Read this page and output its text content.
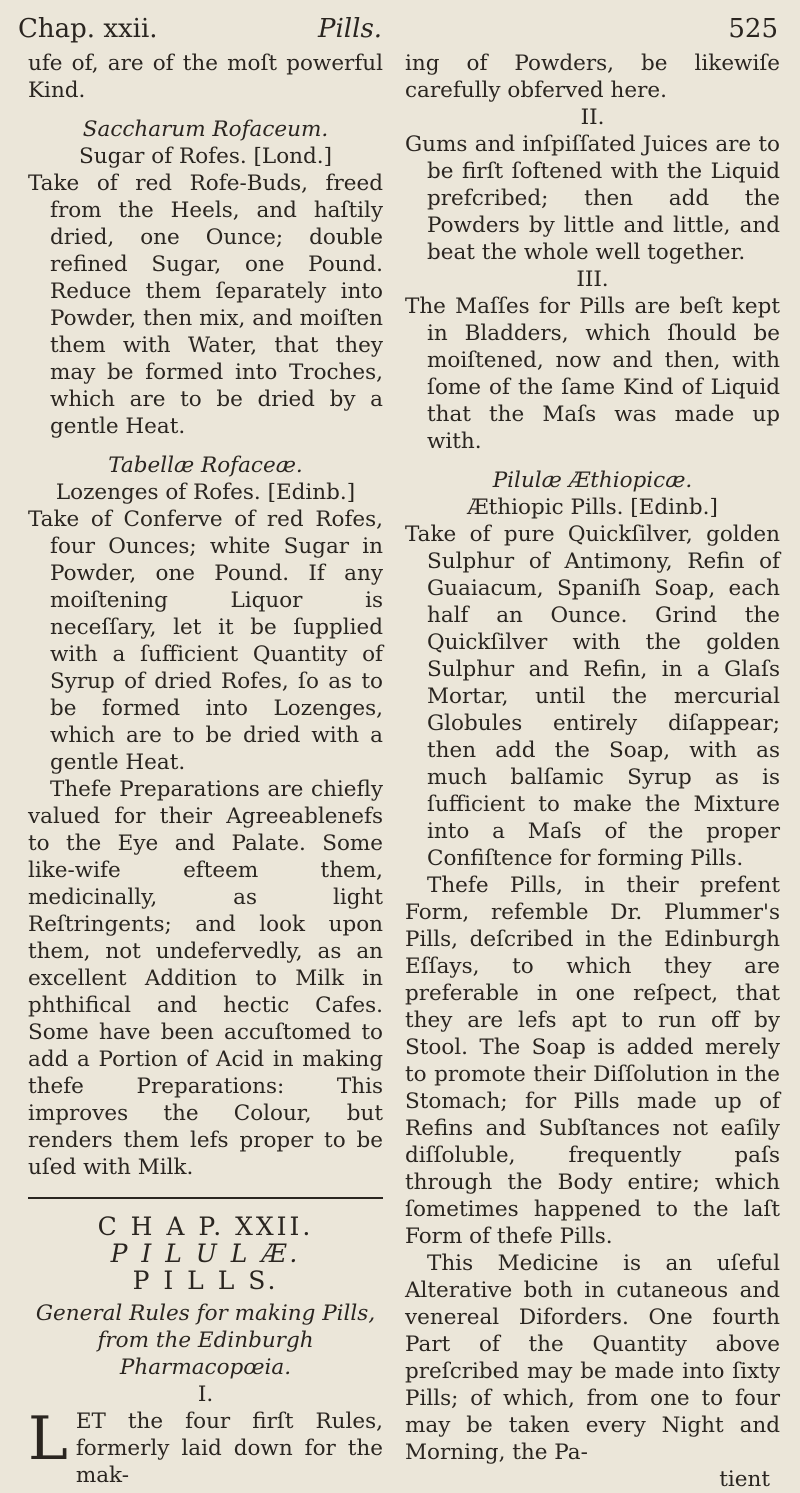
Chap. xxii.	Pills.	525

ufe of, are of the moſt powerful Kind.

Saccharum Rofaceum.

Sugar of Rofes. [Lond.]

Take of red Rofe-Buds, freed from the Heels, and haſtily dried, one Ounce; double refined Sugar, one Pound. Reduce them ſeparately into Powder, then mix, and moiſten them with Water, that they may be formed into Troches, which are to be dried by a gentle Heat.

Tabellæ Rofaceæ.

Lozenges of Rofes. [Edinb.]

Take of Conferve of red Rofes, four Ounces; white Sugar in Powder, one Pound. If any moiſtening Liquor is neceſſary, let it be ſupplied with a ſufficient Quantity of Syrup of dried Rofes, ſo as to be formed into Lozenges, which are to be dried with a gentle Heat.

Thefe Preparations are chiefly valued for their Agreeablenefs to the Eye and Palate. Some like-wife efteem them, medicinally, as light Reſtringents; and look upon them, not undefervedly, as an excellent Addition to Milk in phthifical and hectic Cafes. Some have been accuſtomed to add a Portion of Acid in making thefe Preparations: This improves the Colour, but renders them lefs proper to be uſed with Milk.

C H A P. XXII.

P I L U L Æ.

P I L L S.

General Rules for making Pills, from the Edinburgh Pharmacopœia.

I.

L ET the four firſt Rules, formerly laid down for the mak-

ing of Powders, be likewiſe carefully obferved here.

II.

Gums and inſpiſſated Juices are to be firſt ſoftened with the Liquid prefcribed; then add the Powders by little and little, and beat the whole well together.

III.

The Maſſes for Pills are beſt kept in Bladders, which ſhould be moiſtened, now and then, with ſome of the ſame Kind of Liquid that the Maſs was made up with.

Pilulæ Æthiopicæ.

Æthiopic Pills. [Edinb.]

Take of pure Quickſilver, golden Sulphur of Antimony, Refin of Guaiacum, Spaniſh Soap, each half an Ounce. Grind the Quickſilver with the golden Sulphur and Refin, in a Glaſs Mortar, until the mercurial Globules entirely diſappear; then add the Soap, with as much balſamic Syrup as is ſufficient to make the Mixture into a Maſs of the proper Confiſtence for forming Pills.

Thefe Pills, in their prefent Form, refemble Dr. Plummer's Pills, deſcribed in the Edinburgh Eſſays, to which they are preferable in one reſpect, that they are lefs apt to run off by Stool. The Soap is added merely to promote their Diſſolution in the Stomach; for Pills made up of Refins and Subſtances not eaſily diſſoluble, frequently paſs through the Body entire; which ſometimes happened to the laſt Form of thefe Pills.

This Medicine is an uſeful Alterative both in cutaneous and venereal Diforders. One fourth Part of the Quantity above preſcribed may be made into ſixty Pills; of which, from one to four may be taken every Night and Morning, the Pa-

tient
